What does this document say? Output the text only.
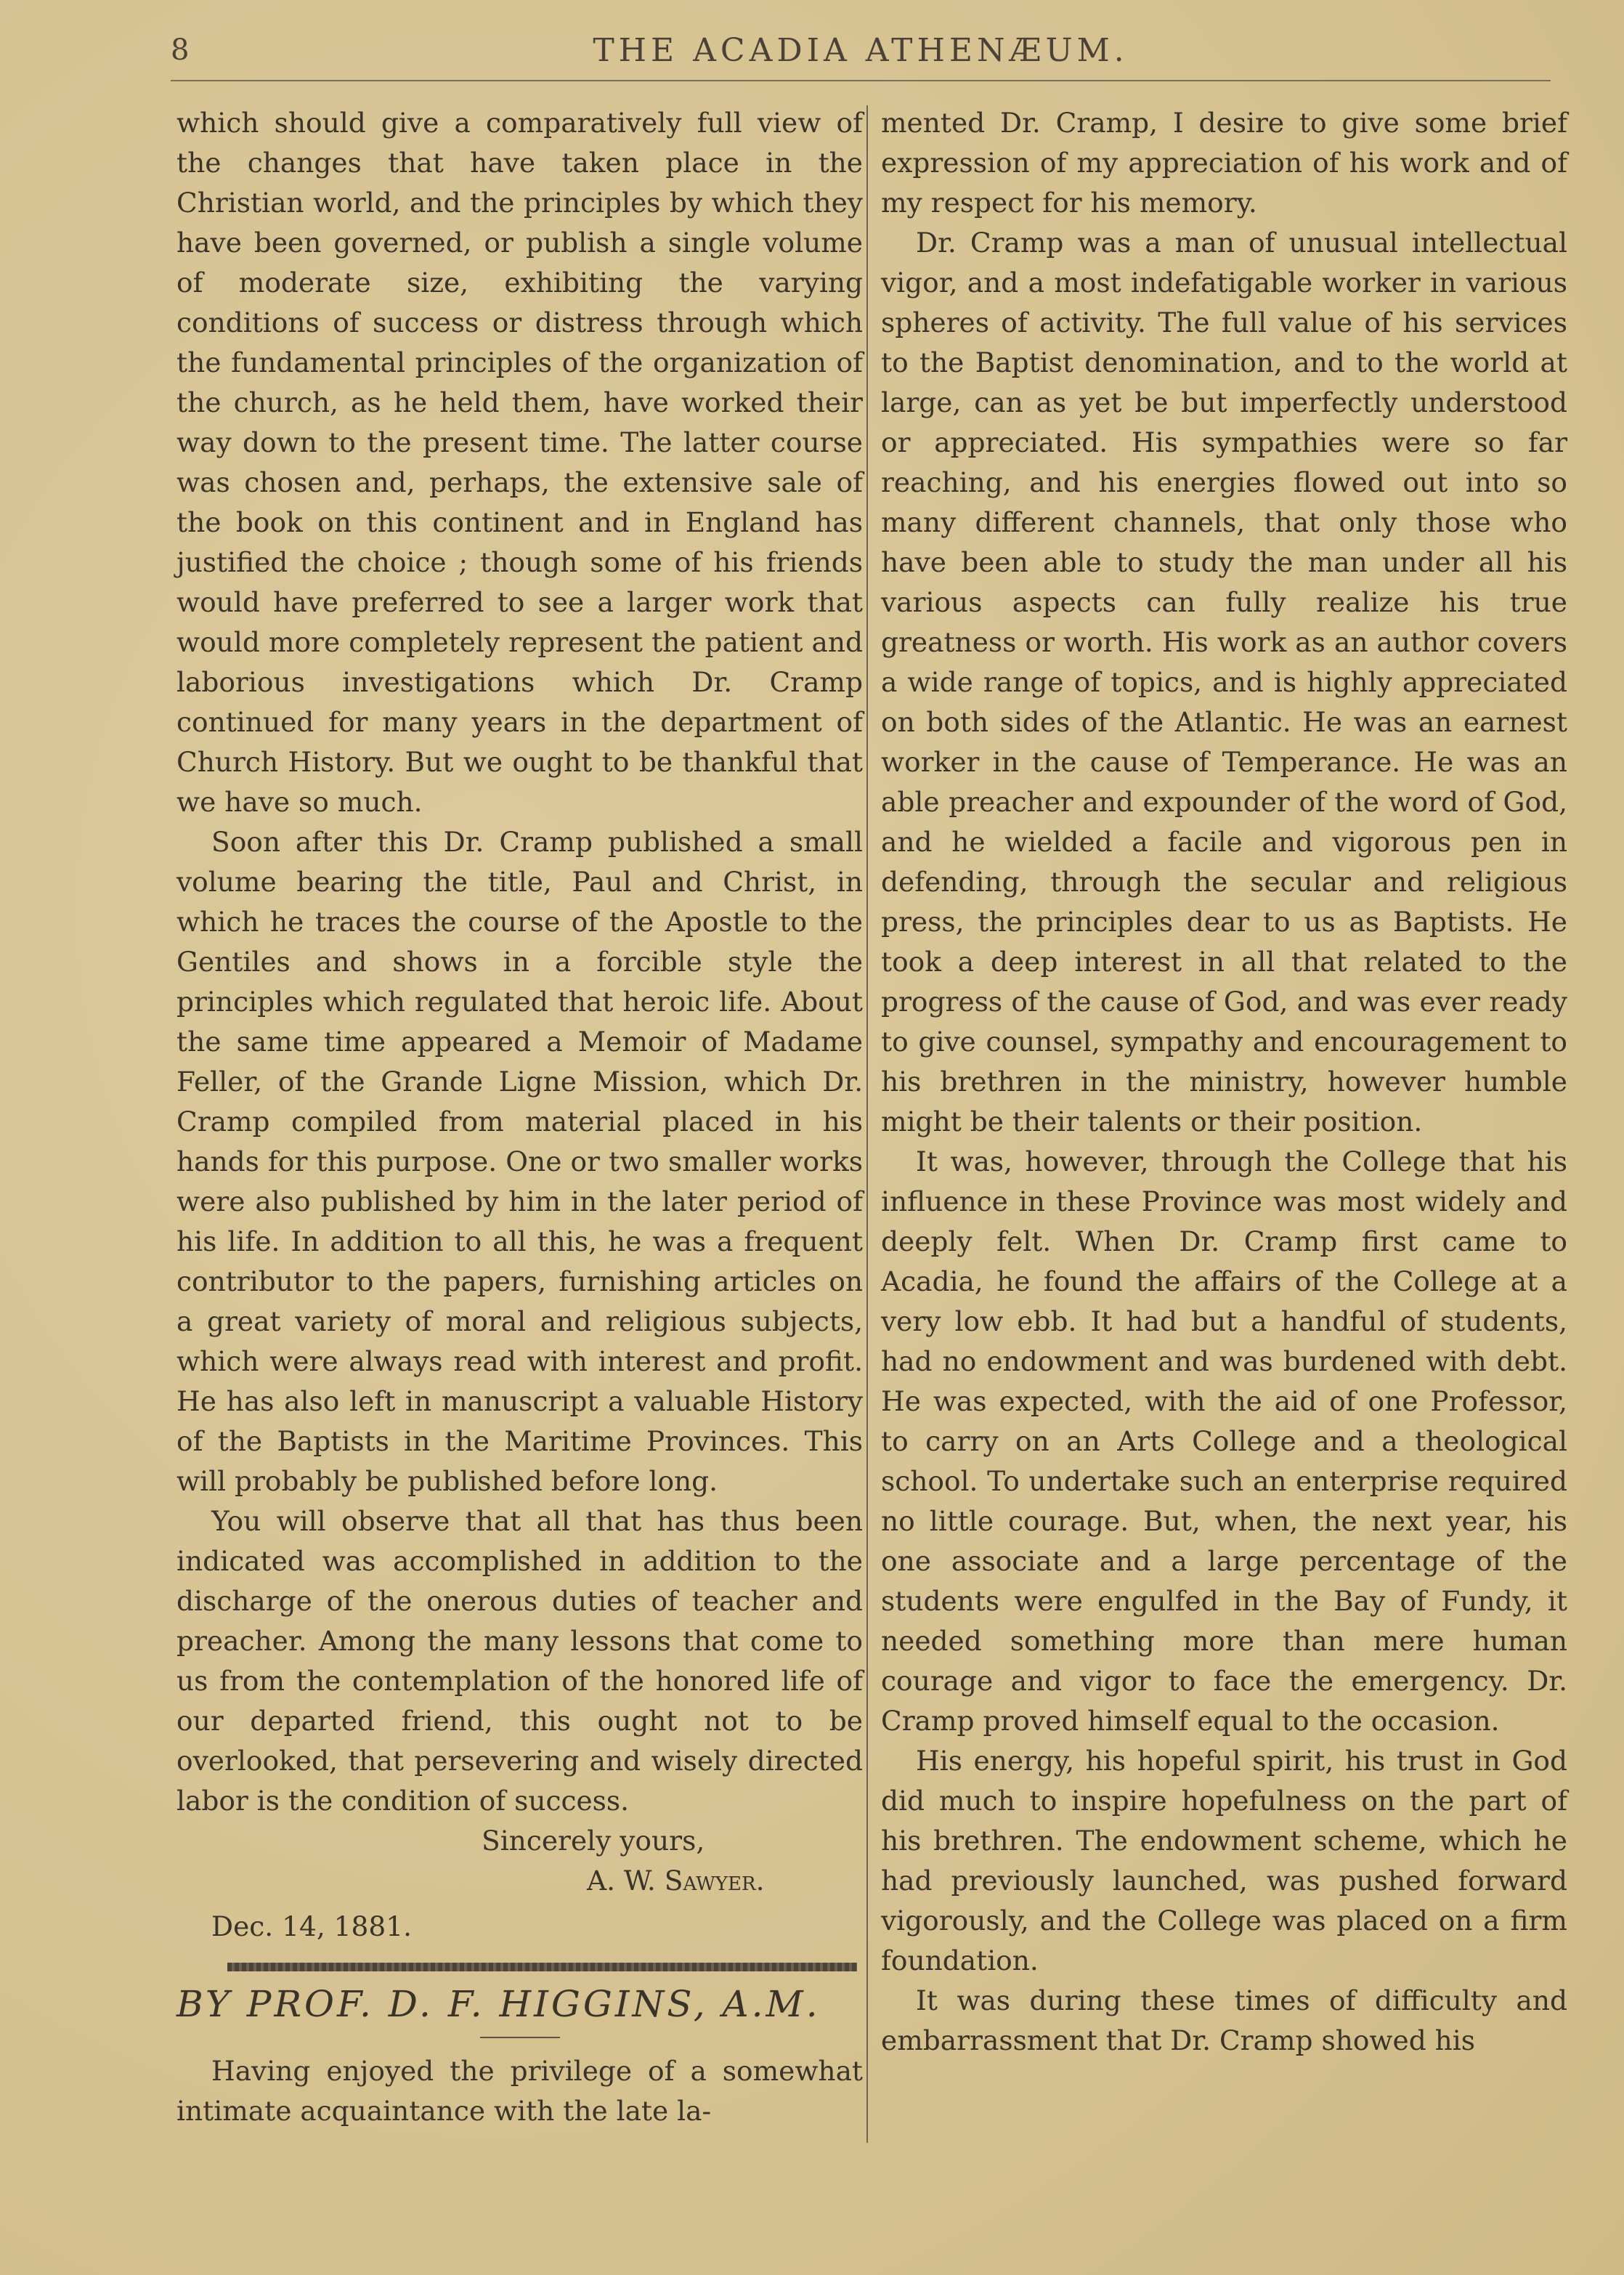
8	THE ACADIA ATHENÆUM.

which should give a comparatively full view of the changes that have taken place in the Christian world, and the principles by which they have been governed, or publish a single volume of moderate size, exhibiting the varying conditions of success or distress through which the fundamental principles of the organization of the church, as he held them, have worked their way down to the present time. The latter course was chosen and, perhaps, the extensive sale of the book on this continent and in England has justified the choice ; though some of his friends would have preferred to see a larger work that would more completely represent the patient and laborious investigations which Dr. Cramp continued for many years in the department of Church History. But we ought to be thankful that we have so much.

Soon after this Dr. Cramp published a small volume bearing the title, Paul and Christ, in which he traces the course of the Apostle to the Gentiles and shows in a forcible style the principles which regulated that heroic life. About the same time appeared a Memoir of Madame Feller, of the Grande Ligne Mission, which Dr. Cramp compiled from material placed in his hands for this purpose. One or two smaller works were also published by him in the later period of his life. In addition to all this, he was a frequent contributor to the papers, furnishing articles on a great variety of moral and religious subjects, which were always read with interest and profit. He has also left in manuscript a valuable History of the Baptists in the Maritime Provinces. This will probably be published before long.

You will observe that all that has thus been indicated was accomplished in addition to the discharge of the onerous duties of teacher and preacher. Among the many lessons that come to us from the contemplation of the honored life of our departed friend, this ought not to be overlooked, that persevering and wisely directed labor is the condition of success.

Sincerely yours,
A. W. Sawyer.
Dec. 14, 1881.

BY PROF. D. F. HIGGINS, A.M.

Having enjoyed the privilege of a somewhat intimate acquaintance with the late la-

mented Dr. Cramp, I desire to give some brief expression of my appreciation of his work and of my respect for his memory.

Dr. Cramp was a man of unusual intellectual vigor, and a most indefatigable worker in various spheres of activity. The full value of his services to the Baptist denomination, and to the world at large, can as yet be but imperfectly understood or appreciated. His sympathies were so far reaching, and his energies flowed out into so many different channels, that only those who have been able to study the man under all his various aspects can fully realize his true greatness or worth. His work as an author covers a wide range of topics, and is highly appreciated on both sides of the Atlantic. He was an earnest worker in the cause of Temperance. He was an able preacher and expounder of the word of God, and he wielded a facile and vigorous pen in defending, through the secular and religious press, the principles dear to us as Baptists. He took a deep interest in all that related to the progress of the cause of God, and was ever ready to give counsel, sympathy and encouragement to his brethren in the ministry, however humble might be their talents or their position.

It was, however, through the College that his influence in these Province was most widely and deeply felt. When Dr. Cramp first came to Acadia, he found the affairs of the College at a very low ebb. It had but a handful of students, had no endowment and was burdened with debt. He was expected, with the aid of one Professor, to carry on an Arts College and a theological school. To undertake such an enterprise required no little courage. But, when, the next year, his one associate and a large percentage of the students were engulfed in the Bay of Fundy, it needed something more than mere human courage and vigor to face the emergency. Dr. Cramp proved himself equal to the occasion.

His energy, his hopeful spirit, his trust in God did much to inspire hopefulness on the part of his brethren. The endowment scheme, which he had previously launched, was pushed forward vigorously, and the College was placed on a firm foundation.

It was during these times of difficulty and embarrassment that Dr. Cramp showed his
